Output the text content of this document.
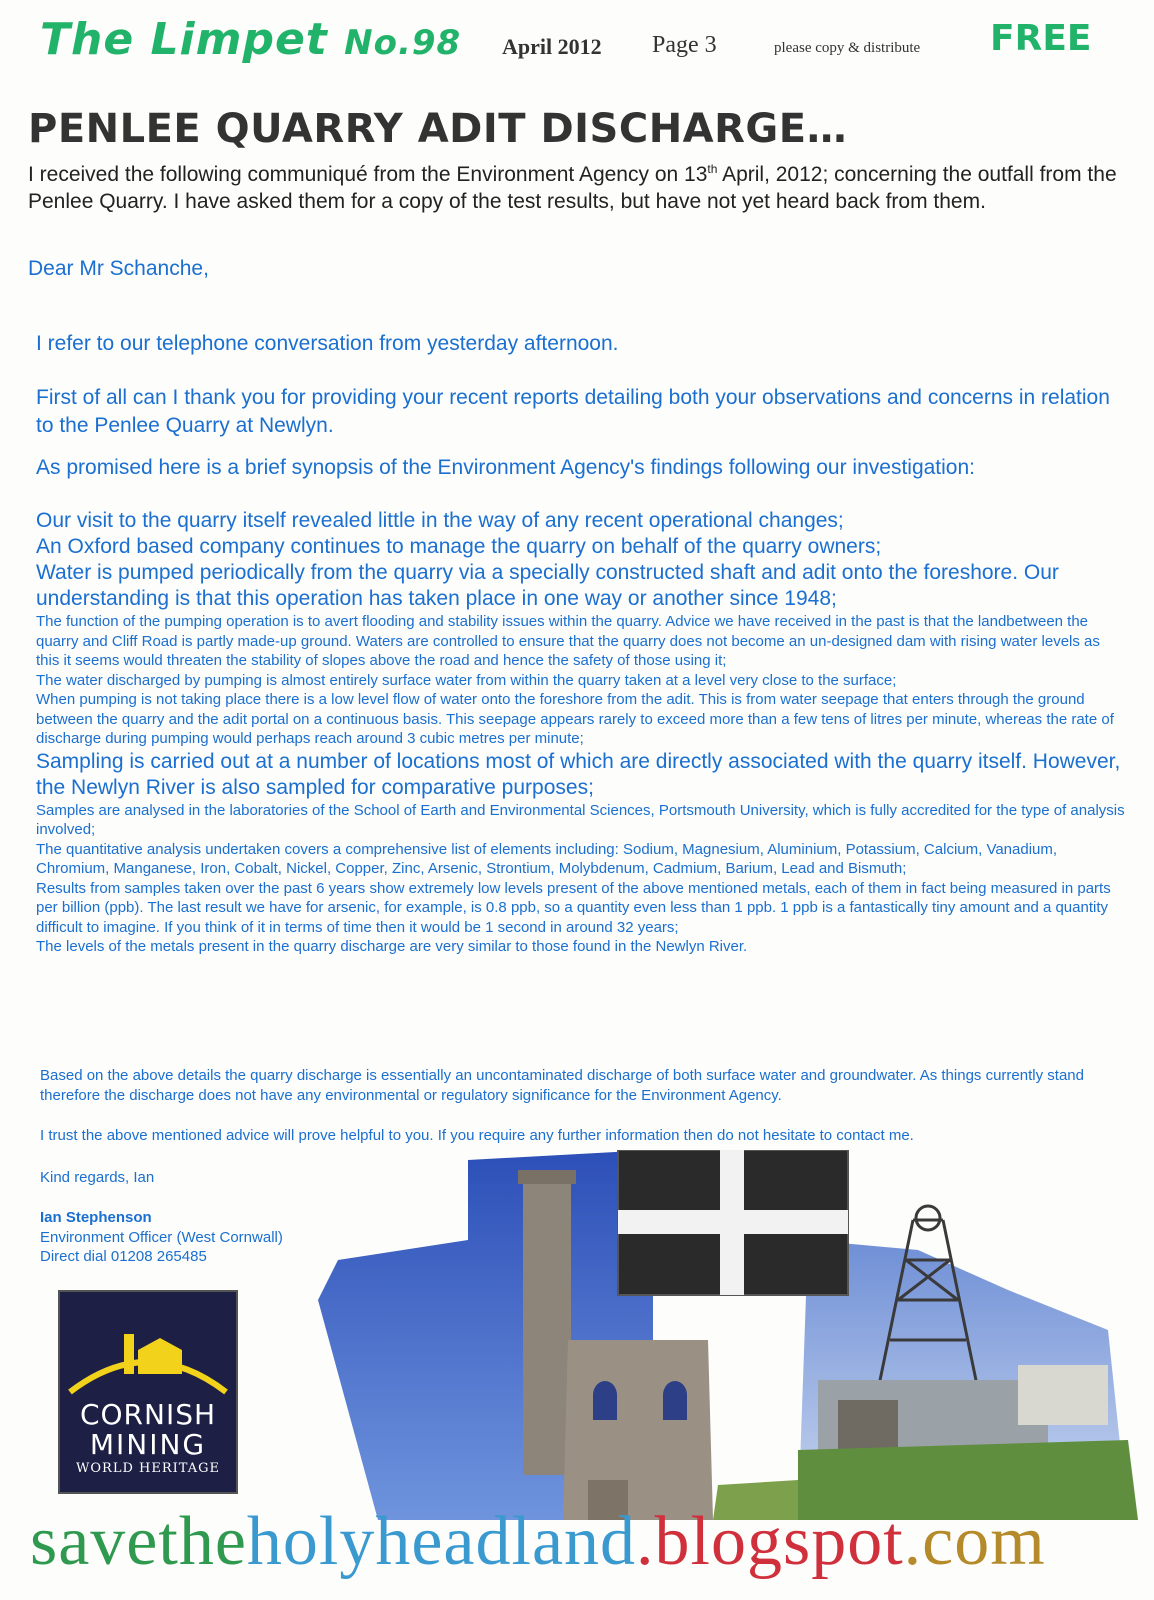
The Limpet No.98 April 2012 Page 3	please copy & distribute FREE
PENLEE QUARRY ADIT DISCHARGE…
I received the following communiqué from the Environment Agency on 13th April, 2012; concerning the outfall from the Penlee Quarry. I have asked them for a copy of the test results, but have not yet heard back from them.
Dear Mr Schanche,
I refer to our telephone conversation from yesterday afternoon.
First of all can I thank you for providing your recent reports detailing both your observations and concerns in relation to the Penlee Quarry at Newlyn.
As promised here is a brief synopsis of the Environment Agency's findings following our investigation:
Our visit to the quarry itself revealed little in the way of any recent operational changes;
An Oxford based company continues to manage the quarry on behalf of the quarry owners;
Water is pumped periodically from the quarry via a specially constructed shaft and adit onto the foreshore. Our understanding is that this operation has taken place in one way or another since 1948;
The function of the pumping operation is to avert flooding and stability issues within the quarry. Advice we have received in the past is that the landbetween the quarry and Cliff Road is partly made-up ground. Waters are controlled to ensure that the quarry does not become an un-designed dam with rising water levels as this it seems would threaten the stability of slopes above the road and hence the safety of those using it;
The water discharged by pumping is almost entirely surface water from within the quarry taken at a level very close to the surface;
When pumping is not taking place there is a low level flow of water onto the foreshore from the adit. This is from water seepage that enters through the ground between the quarry and the adit portal on a continuous basis. This seepage appears rarely to exceed more than a few tens of litres per minute, whereas the rate of discharge during pumping would perhaps reach around 3 cubic metres per minute;
Sampling is carried out at a number of locations most of which are directly associated with the quarry itself. However, the Newlyn River is also sampled for comparative purposes;
Samples are analysed in the laboratories of the School of Earth and Environmental Sciences, Portsmouth University, which is fully accredited for the type of analysis involved;
The quantitative analysis undertaken covers a comprehensive list of elements including: Sodium, Magnesium, Aluminium, Potassium, Calcium, Vanadium, Chromium, Manganese, Iron, Cobalt, Nickel, Copper, Zinc, Arsenic, Strontium, Molybdenum, Cadmium, Barium, Lead and Bismuth;
Results from samples taken over the past 6 years show extremely low levels present of the above mentioned metals, each of them in fact being measured in parts per billion (ppb). The last result we have for arsenic, for example, is 0.8 ppb, so a quantity even less than 1 ppb. 1 ppb is a fantastically tiny amount and a quantity difficult to imagine. If you think of it in terms of time then it would be 1 second in around 32 years;
The levels of the metals present in the quarry discharge are very similar to those found in the Newlyn River.
Based on the above details the quarry discharge is essentially an uncontaminated discharge of both surface water and groundwater. As things currently stand therefore the discharge does not have any environmental or regulatory significance for the Environment Agency.
I trust the above mentioned advice will prove helpful to you. If you require any further information then do not hesitate to contact me.
Kind regards, Ian
Ian Stephenson
Environment Officer (West Cornwall)
Direct dial 01208 265485
CORNISH
MINING
WORLD HERITAGE
savetheholyheadland.blogspot.com
